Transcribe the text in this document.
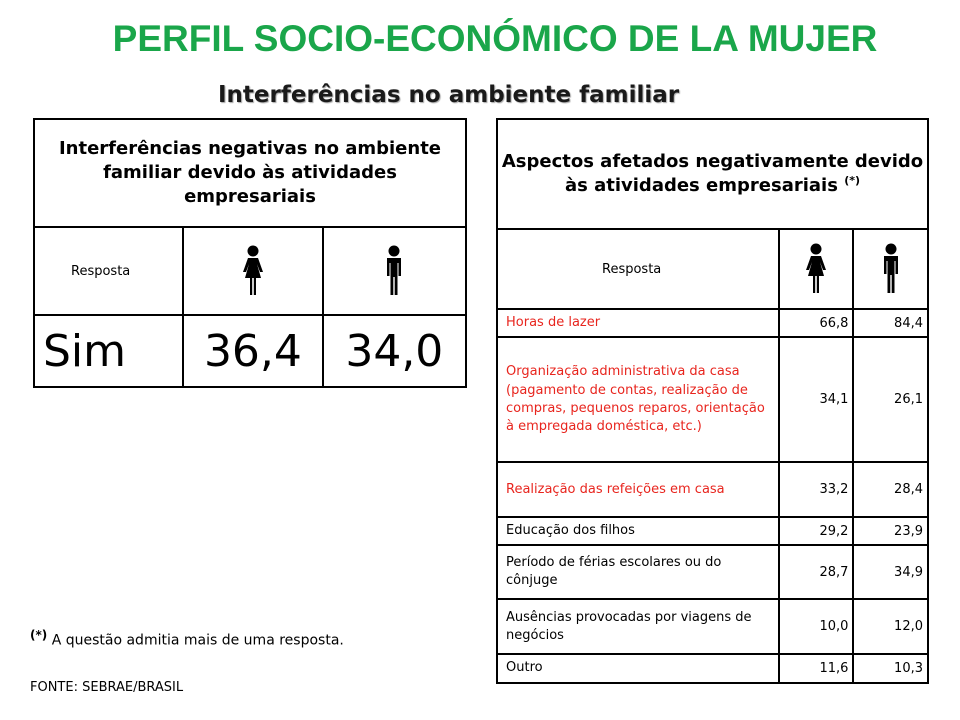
PERFIL SOCIO-ECONÓMICO DE LA MUJER
Interferências no ambiente familiar
Interferências negativas no ambiente familiar devido às atividades empresariais		
Resposta	

Sim	36,4	34,0
Aspectos afetados negativamente devido às atividades empresariais (*)
Resposta	

Horas de lazer	66,8	84,4
Organização administrativa da casa (pagamento de contas, realização de compras, pequenos reparos, orientação à empregada doméstica, etc.)	34,1	26,1
Realização das refeições em casa	33,2	28,4
Educação dos filhos	29,2	23,9
Período de férias escolares ou do cônjuge	28,7	34,9
Ausências provocadas por viagens de negócios	10,0	12,0
Outro	11,6	10,3
(*) A questão admitia mais de uma resposta.
FONTE: SEBRAE/BRASIL
